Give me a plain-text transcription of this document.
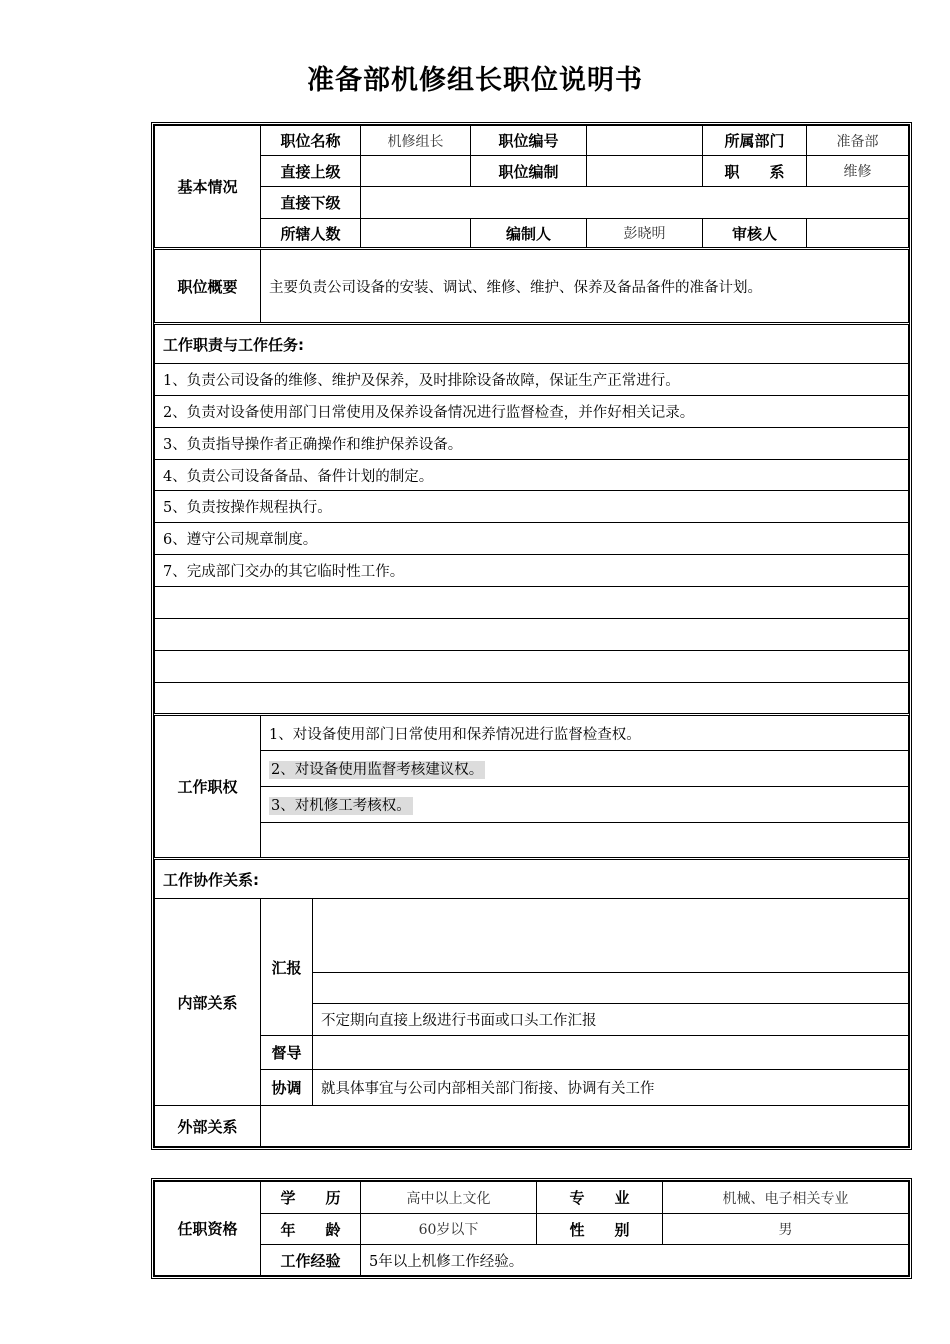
准备部机修组长职位说明书
基本情况	职位名称		机修组长	职位编号		所属部门	准备部
	直接上级			职位编制		职　　系	维修
	直接下级						
	所辖人数			编制人	彭晓明	审核人	
职位概要	主要负责公司设备的安装、调试、维修、维护、保养及备品备件的准备计划。						
工作职责与工作任务:							
1、负责公司设备的维修、维护及保养，及时排除设备故障，保证生产正常进行。							
2、负责对设备使用部门日常使用及保养设备情况进行监督检查，并作好相关记录。							
3、负责指导操作者正确操作和维护保养设备。							
4、负责公司设备备品、备件计划的制定。							
5、负责按操作规程执行。							
6、遵守公司规章制度。							
7、完成部门交办的其它临时性工作。							

工作职权	1、对设备使用部门日常使用和保养情况进行监督检查权。						
	2、对设备使用监督考核建议权。						
	3、对机修工考核权。						

工作协作关系:							
内部关系	汇报						

		不定期向直接上级进行书面或口头工作汇报					
	督导						
	协调	就具体事宜与公司内部相关部门衔接、协调有关工作					
外部关系							
任职资格	学　　历	高中以上文化	专　　业	机械、电子相关专业
	年　　龄	60岁以下	性　　别	男
	工作经验	5年以上机修工作经验。		
